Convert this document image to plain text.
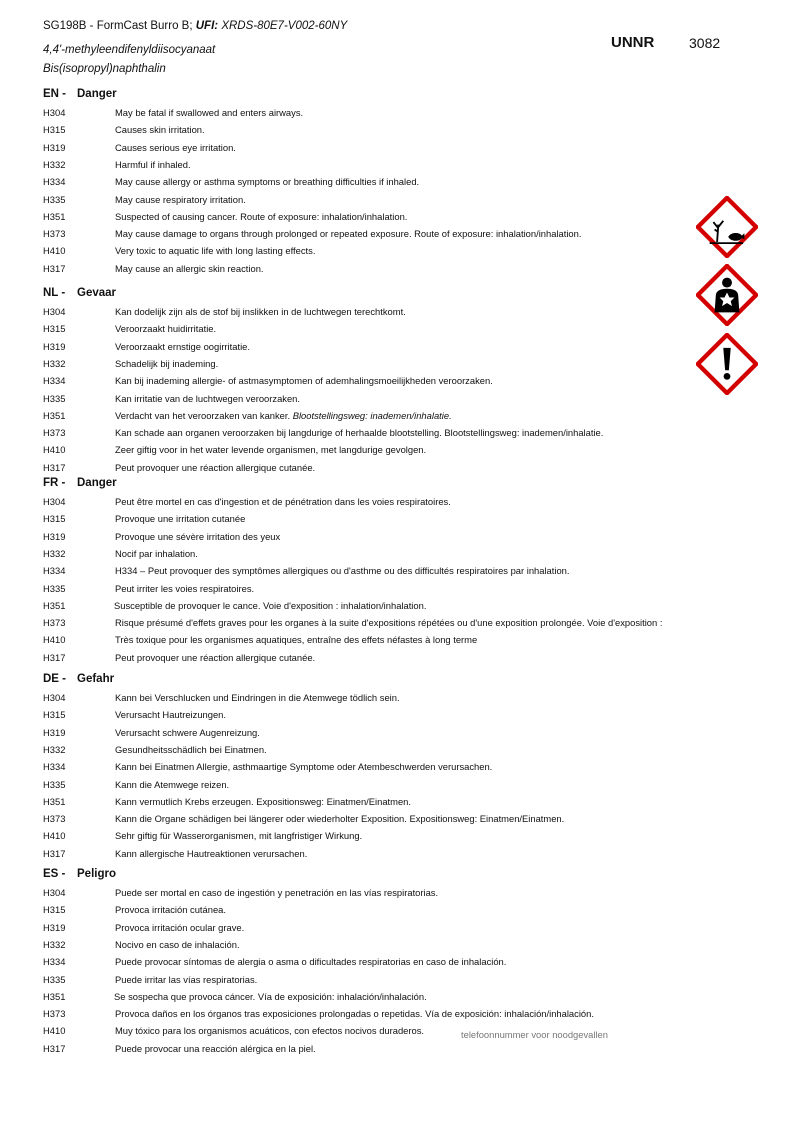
SG198B - FormCast Burro B; UFI: XRDS-80E7-V002-60NY
4,4'-methyleendifenyldiisocyanaat
Bis(isopropyl)naphthalin
UNNR 3082
EN - Danger
H304	May be fatal if swallowed and enters airways.
H315	Causes skin irritation.
H319	Causes serious eye irritation.
H332	Harmful if inhaled.
H334	May cause allergy or asthma symptoms or breathing difficulties if inhaled.
H335	May cause respiratory irritation.
H351	Suspected of causing cancer. Route of exposure: inhalation/inhalation.
H373	May cause damage to organs through prolonged or repeated exposure. Route of exposure: inhalation/inhalation.
H410	Very toxic to aquatic life with long lasting effects.
H317	May cause an allergic skin reaction.
NL - Gevaar
H304	Kan dodelijk zijn als de stof bij inslikken in de luchtwegen terechtkomt.
H315	Veroorzaakt huidirritatie.
H319	Veroorzaakt ernstige oogirritatie.
H332	Schadelijk bij inademing.
H334	Kan bij inademing allergie- of astmasymptomen of ademhalingsmoeilijkheden veroorzaken.
H335	Kan irritatie van de luchtwegen veroorzaken.
H351	Verdacht van het veroorzaken van kanker. Blootstellingsweg: inademen/inhalatie.
H373	Kan schade aan organen veroorzaken bij langdurige of herhaalde blootstelling. Blootstellingsweg: inademen/inhalatie.
H410	Zeer giftig voor in het water levende organismen, met langdurige gevolgen.
H317	Peut provoquer une réaction allergique cutanée.
FR - Danger
H304	Peut être mortel en cas d'ingestion et de pénétration dans les voies respiratoires.
H315	Provoque une irritation cutanée
H319	Provoque une sévère irritation des yeux
H332	Nocif par inhalation.
H334	H334 – Peut provoquer des symptômes allergiques ou d'asthme ou des difficultés respiratoires par inhalation.
H335	Peut irriter les voies respiratoires.
H351	Susceptible de provoquer le cance. Voie d'exposition : inhalation/inhalation.
H373	Risque présumé d'effets graves pour les organes à la suite d'expositions répétées ou d'une exposition prolongée. Voie d'exposition :
H410	Très toxique pour les organismes aquatiques, entraîne des effets néfastes à long terme
H317	Peut provoquer une réaction allergique cutanée.
DE - Gefahr
H304	Kann bei Verschlucken und Eindringen in die Atemwege tödlich sein.
H315	Verursacht Hautreizungen.
H319	Verursacht schwere Augenreizung.
H332	Gesundheitsschädlich bei Einatmen.
H334	Kann bei Einatmen Allergie, asthmaartige Symptome oder Atembeschwerden verursachen.
H335	Kann die Atemwege reizen.
H351	Kann vermutlich Krebs erzeugen. Expositionsweg: Einatmen/Einatmen.
H373	Kann die Organe schädigen bei längerer oder wiederholter Exposition. Expositionsweg: Einatmen/Einatmen.
H410	Sehr giftig für Wasserorganismen, mit langfristiger Wirkung.
H317	Kann allergische Hautreaktionen verursachen.
ES - Peligro
H304	Puede ser mortal en caso de ingestión y penetración en las vías respiratorias.
H315	Provoca irritación cutánea.
H319	Provoca irritación ocular grave.
H332	Nocivo en caso de inhalación.
H334	Puede provocar síntomas de alergia o asma o dificultades respiratorias en caso de inhalación.
H335	Puede irritar las vías respiratorias.
H351	Se sospecha que provoca cáncer. Vía de exposición: inhalación/inhalación.
H373	Provoca daños en los órganos tras exposiciones prolongadas o repetidas. Vía de exposición: inhalación/inhalación.
H410	Muy tóxico para los organismos acuáticos, con efectos nocivos duraderos.
H317	Puede provocar una reacción alérgica en la piel.
telefoonnummer voor noodgevallen
